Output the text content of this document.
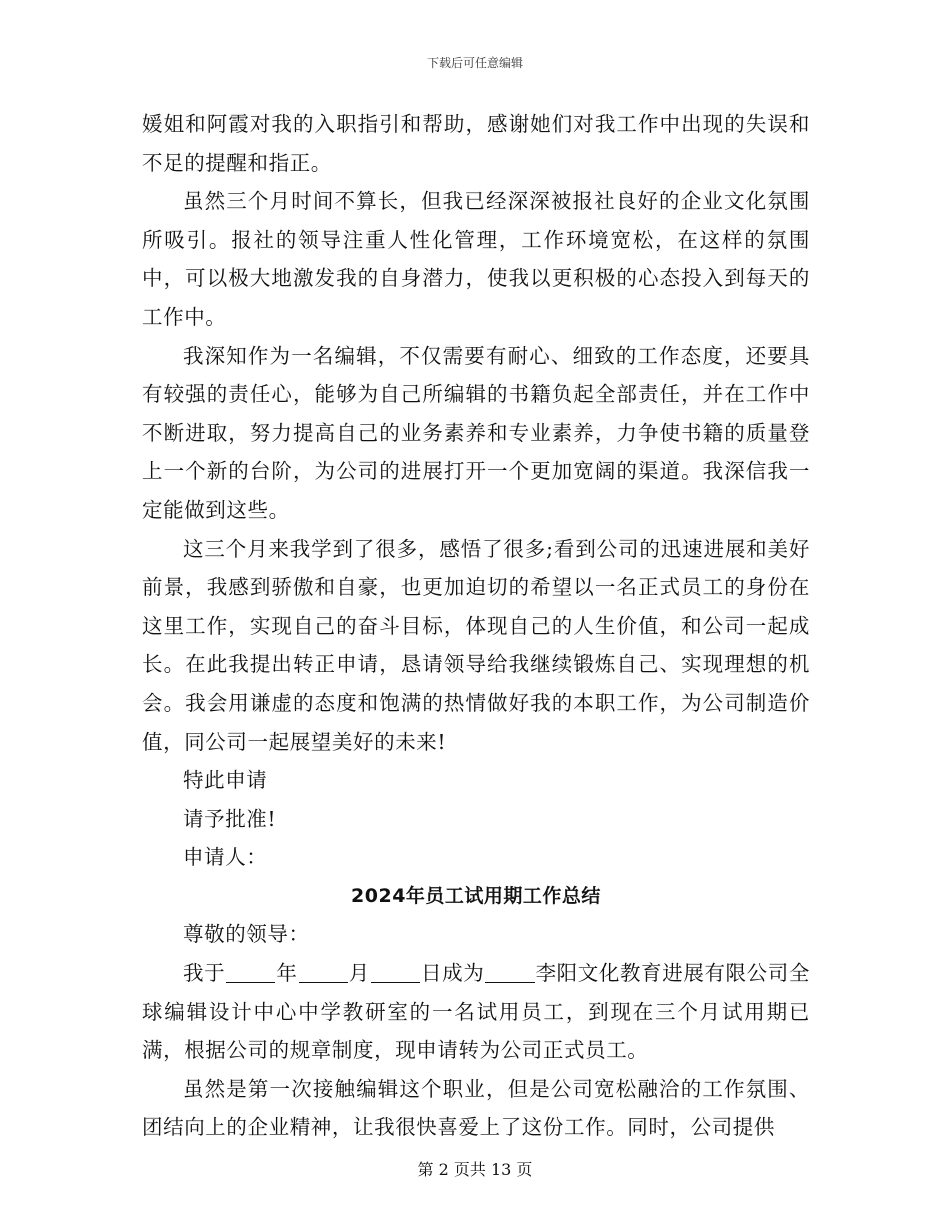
下载后可任意编辑

媛姐和阿霞对我的入职指引和帮助，感谢她们对我工作中出现的失误和不足的提醒和指正。

虽然三个月时间不算长，但我已经深深被报社良好的企业文化氛围所吸引。报社的领导注重人性化管理，工作环境宽松，在这样的氛围中，可以极大地激发我的自身潜力，使我以更积极的心态投入到每天的工作中。

我深知作为一名编辑，不仅需要有耐心、细致的工作态度，还要具有较强的责任心，能够为自己所编辑的书籍负起全部责任，并在工作中不断进取，努力提高自己的业务素养和专业素养，力争使书籍的质量登上一个新的台阶，为公司的进展打开一个更加宽阔的渠道。我深信我一定能做到这些。

这三个月来我学到了很多，感悟了很多;看到公司的迅速进展和美好前景，我感到骄傲和自豪，也更加迫切的希望以一名正式员工的身份在这里工作，实现自己的奋斗目标，体现自己的人生价值，和公司一起成长。在此我提出转正申请，恳请领导给我继续锻炼自己、实现理想的机会。我会用谦虚的态度和饱满的热情做好我的本职工作，为公司制造价值，同公司一起展望美好的未来!

特此申请

请予批准!

申请人：

2024年员工试用期工作总结

尊敬的领导：

我于 年 月 日成为 李阳文化教育进展有限公司全球编辑设计中心中学教研室的一名试用员工，到现在三个月试用期已满，根据公司的规章制度，现申请转为公司正式员工。

虽然是第一次接触编辑这个职业，但是公司宽松融洽的工作氛围、团结向上的企业精神，让我很快喜爱上了这份工作。同时，公司提供

第 2 页共 13 页
